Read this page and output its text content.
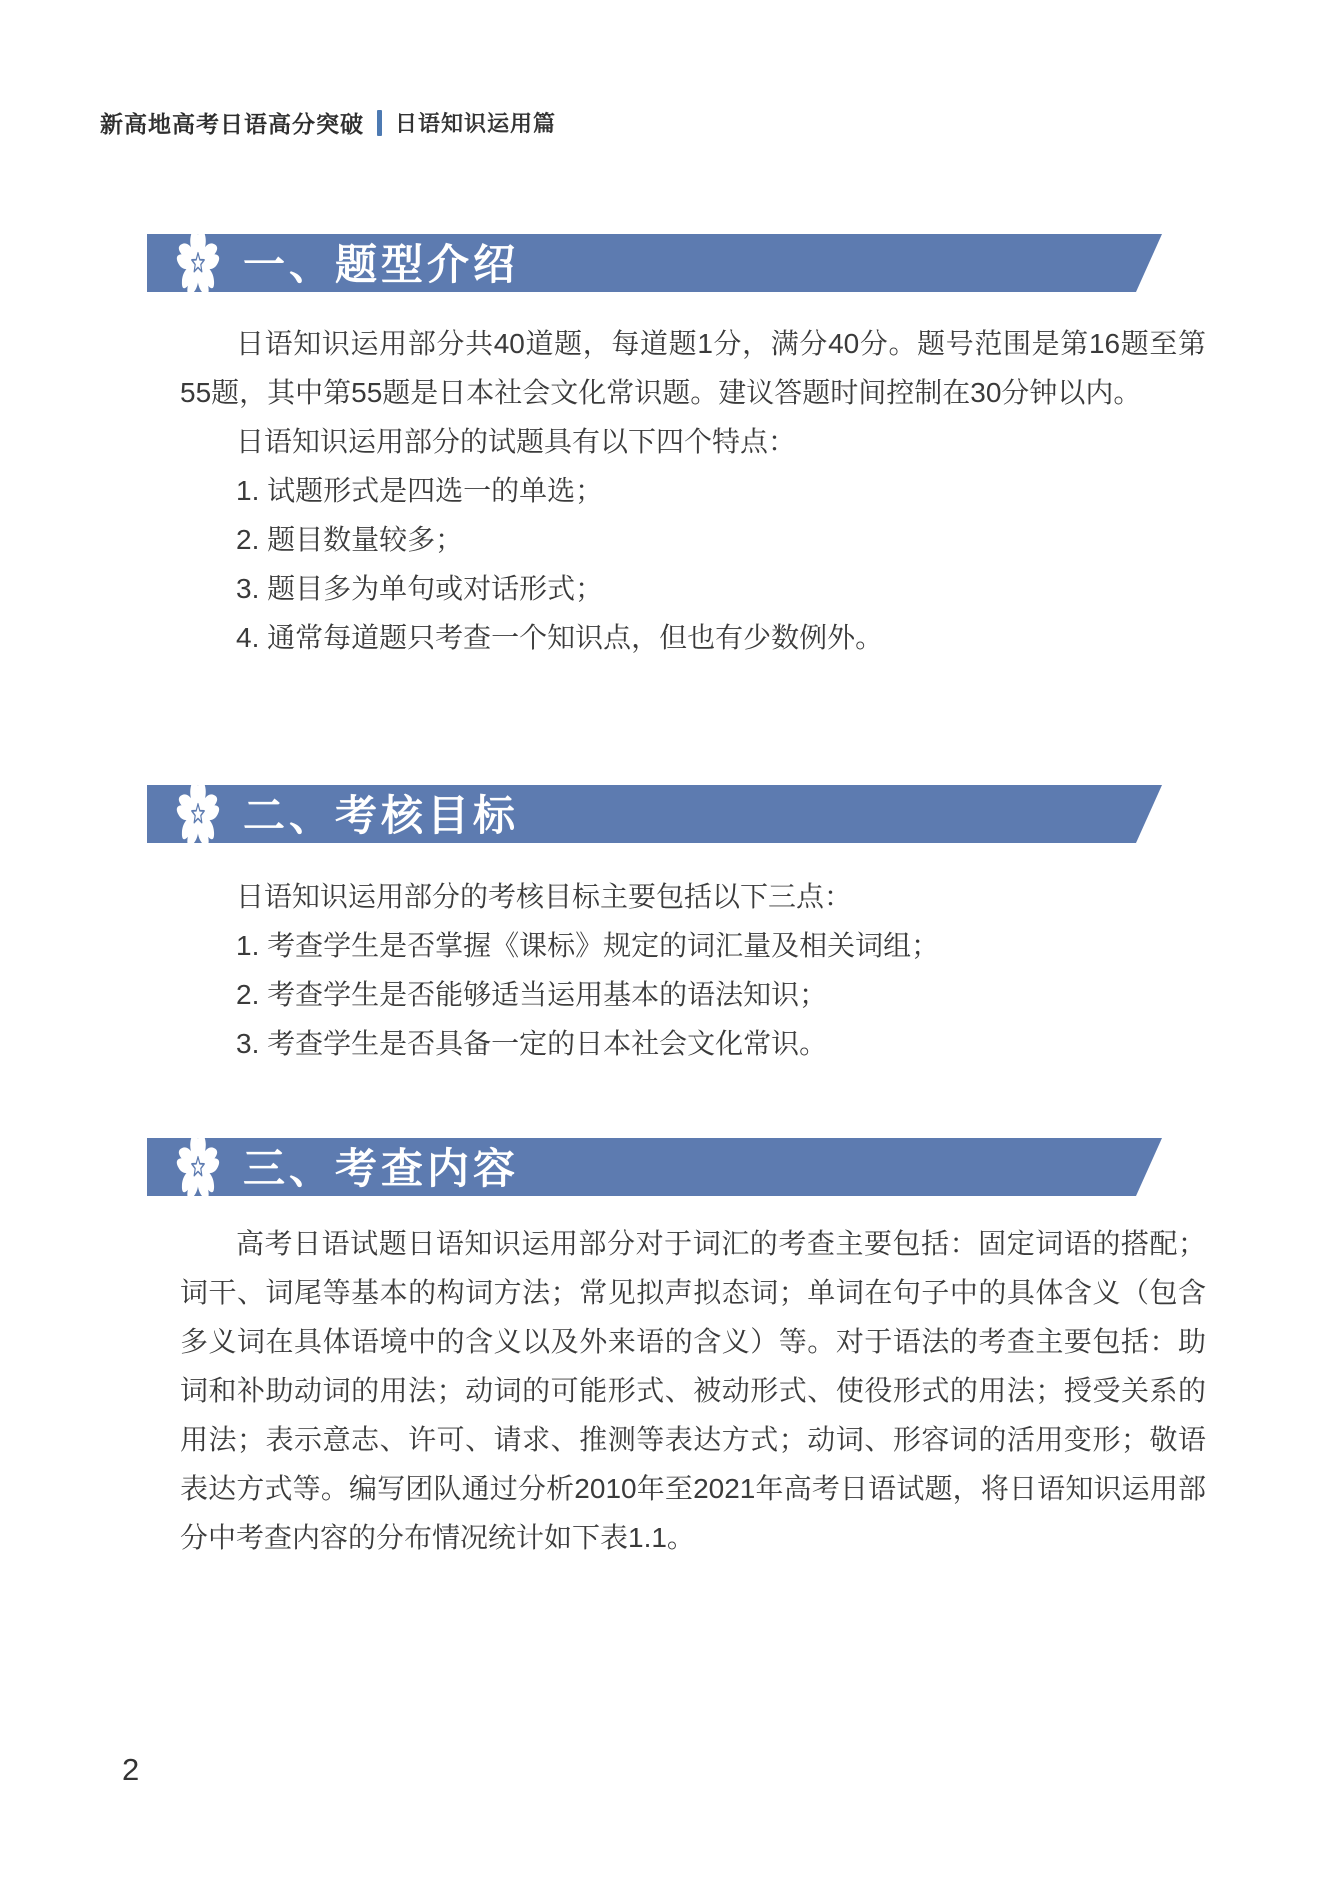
新高地高考日语高分突破 日语知识运用篇
一、题型介绍

日语知识运用部分共40道题，每道题1分，满分40分。题号范围是第16题至第55题，其中第55题是日本社会文化常识题。建议答题时间控制在30分钟以内。

日语知识运用部分的试题具有以下四个特点：

1. 试题形式是四选一的单选；

2. 题目数量较多；

3. 题目多为单句或对话形式；

4. 通常每道题只考查一个知识点，但也有少数例外。

二、考核目标

日语知识运用部分的考核目标主要包括以下三点：

1. 考查学生是否掌握《课标》规定的词汇量及相关词组；

2. 考查学生是否能够适当运用基本的语法知识；

3. 考查学生是否具备一定的日本社会文化常识。

三、考查内容

高考日语试题日语知识运用部分对于词汇的考查主要包括：固定词语的搭配；词干、词尾等基本的构词方法；常见拟声拟态词；单词在句子中的具体含义（包含多义词在具体语境中的含义以及外来语的含义）等。对于语法的考查主要包括：助词和补助动词的用法；动词的可能形式、被动形式、使役形式的用法；授受关系的用法；表示意志、许可、请求、推测等表达方式；动词、形容词的活用变形；敬语表达方式等。编写团队通过分析2010年至2021年高考日语试题，将日语知识运用部分中考查内容的分布情况统计如下表1.1。

2
